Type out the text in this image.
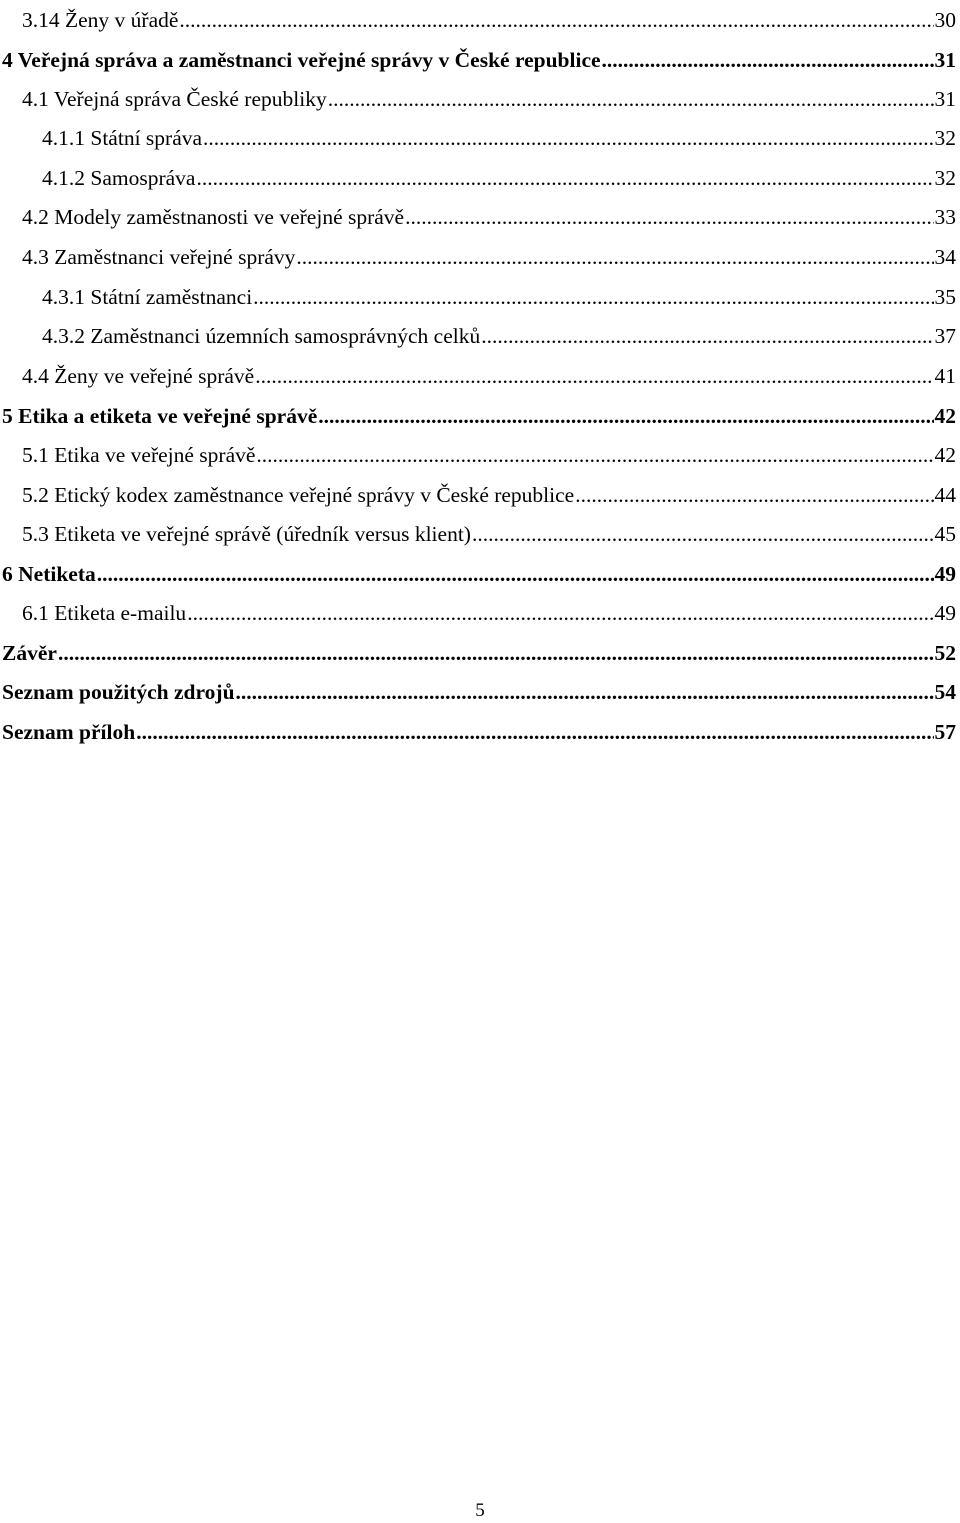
3.14 Ženy v úřadě .....	30
4 Veřejná správa a zaměstnanci veřejné správy v České republice .....	31
4.1 Veřejná správa České republiky .....	31
4.1.1 Státní správa .....	32
4.1.2 Samospráva .....	32
4.2 Modely zaměstnanosti ve veřejné správě .....	33
4.3 Zaměstnanci veřejné správy .....	34
4.3.1 Státní zaměstnanci .....	35
4.3.2 Zaměstnanci územních samosprávných celků .....	37
4.4 Ženy ve veřejné správě .....	41
5 Etika a etiketa ve veřejné správě .....	42
5.1 Etika ve veřejné správě .....	42
5.2 Etický kodex zaměstnance veřejné správy v České republice .....	44
5.3 Etiketa ve veřejné správě (úředník versus klient) .....	45
6 Netiketa .....	49
6.1 Etiketa e-mailu .....	49
Závěr .....	52
Seznam použitých zdrojů .....	54
Seznam příloh .....	57
5
